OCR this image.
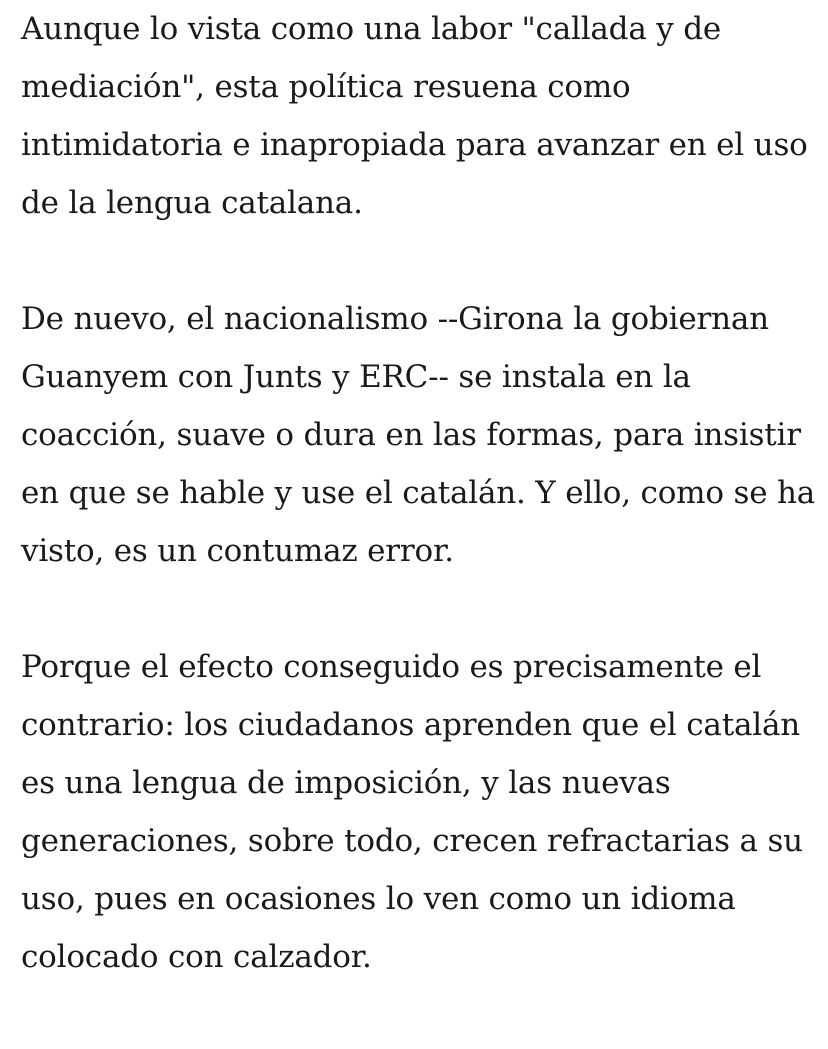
Aunque lo vista como una labor "callada y de mediación", esta política resuena como intimidatoria e inapropiada para avanzar en el uso de la lengua catalana.

De nuevo, el nacionalismo --Girona la gobiernan Guanyem con Junts y ERC-- se instala en la coacción, suave o dura en las formas, para insistir en que se hable y use el catalán. Y ello, como se ha visto, es un contumaz error.

Porque el efecto conseguido es precisamente el contrario: los ciudadanos aprenden que el catalán es una lengua de imposición, y las nuevas generaciones, sobre todo, crecen refractarias a su uso, pues en ocasiones lo ven como un idioma colocado con calzador.
